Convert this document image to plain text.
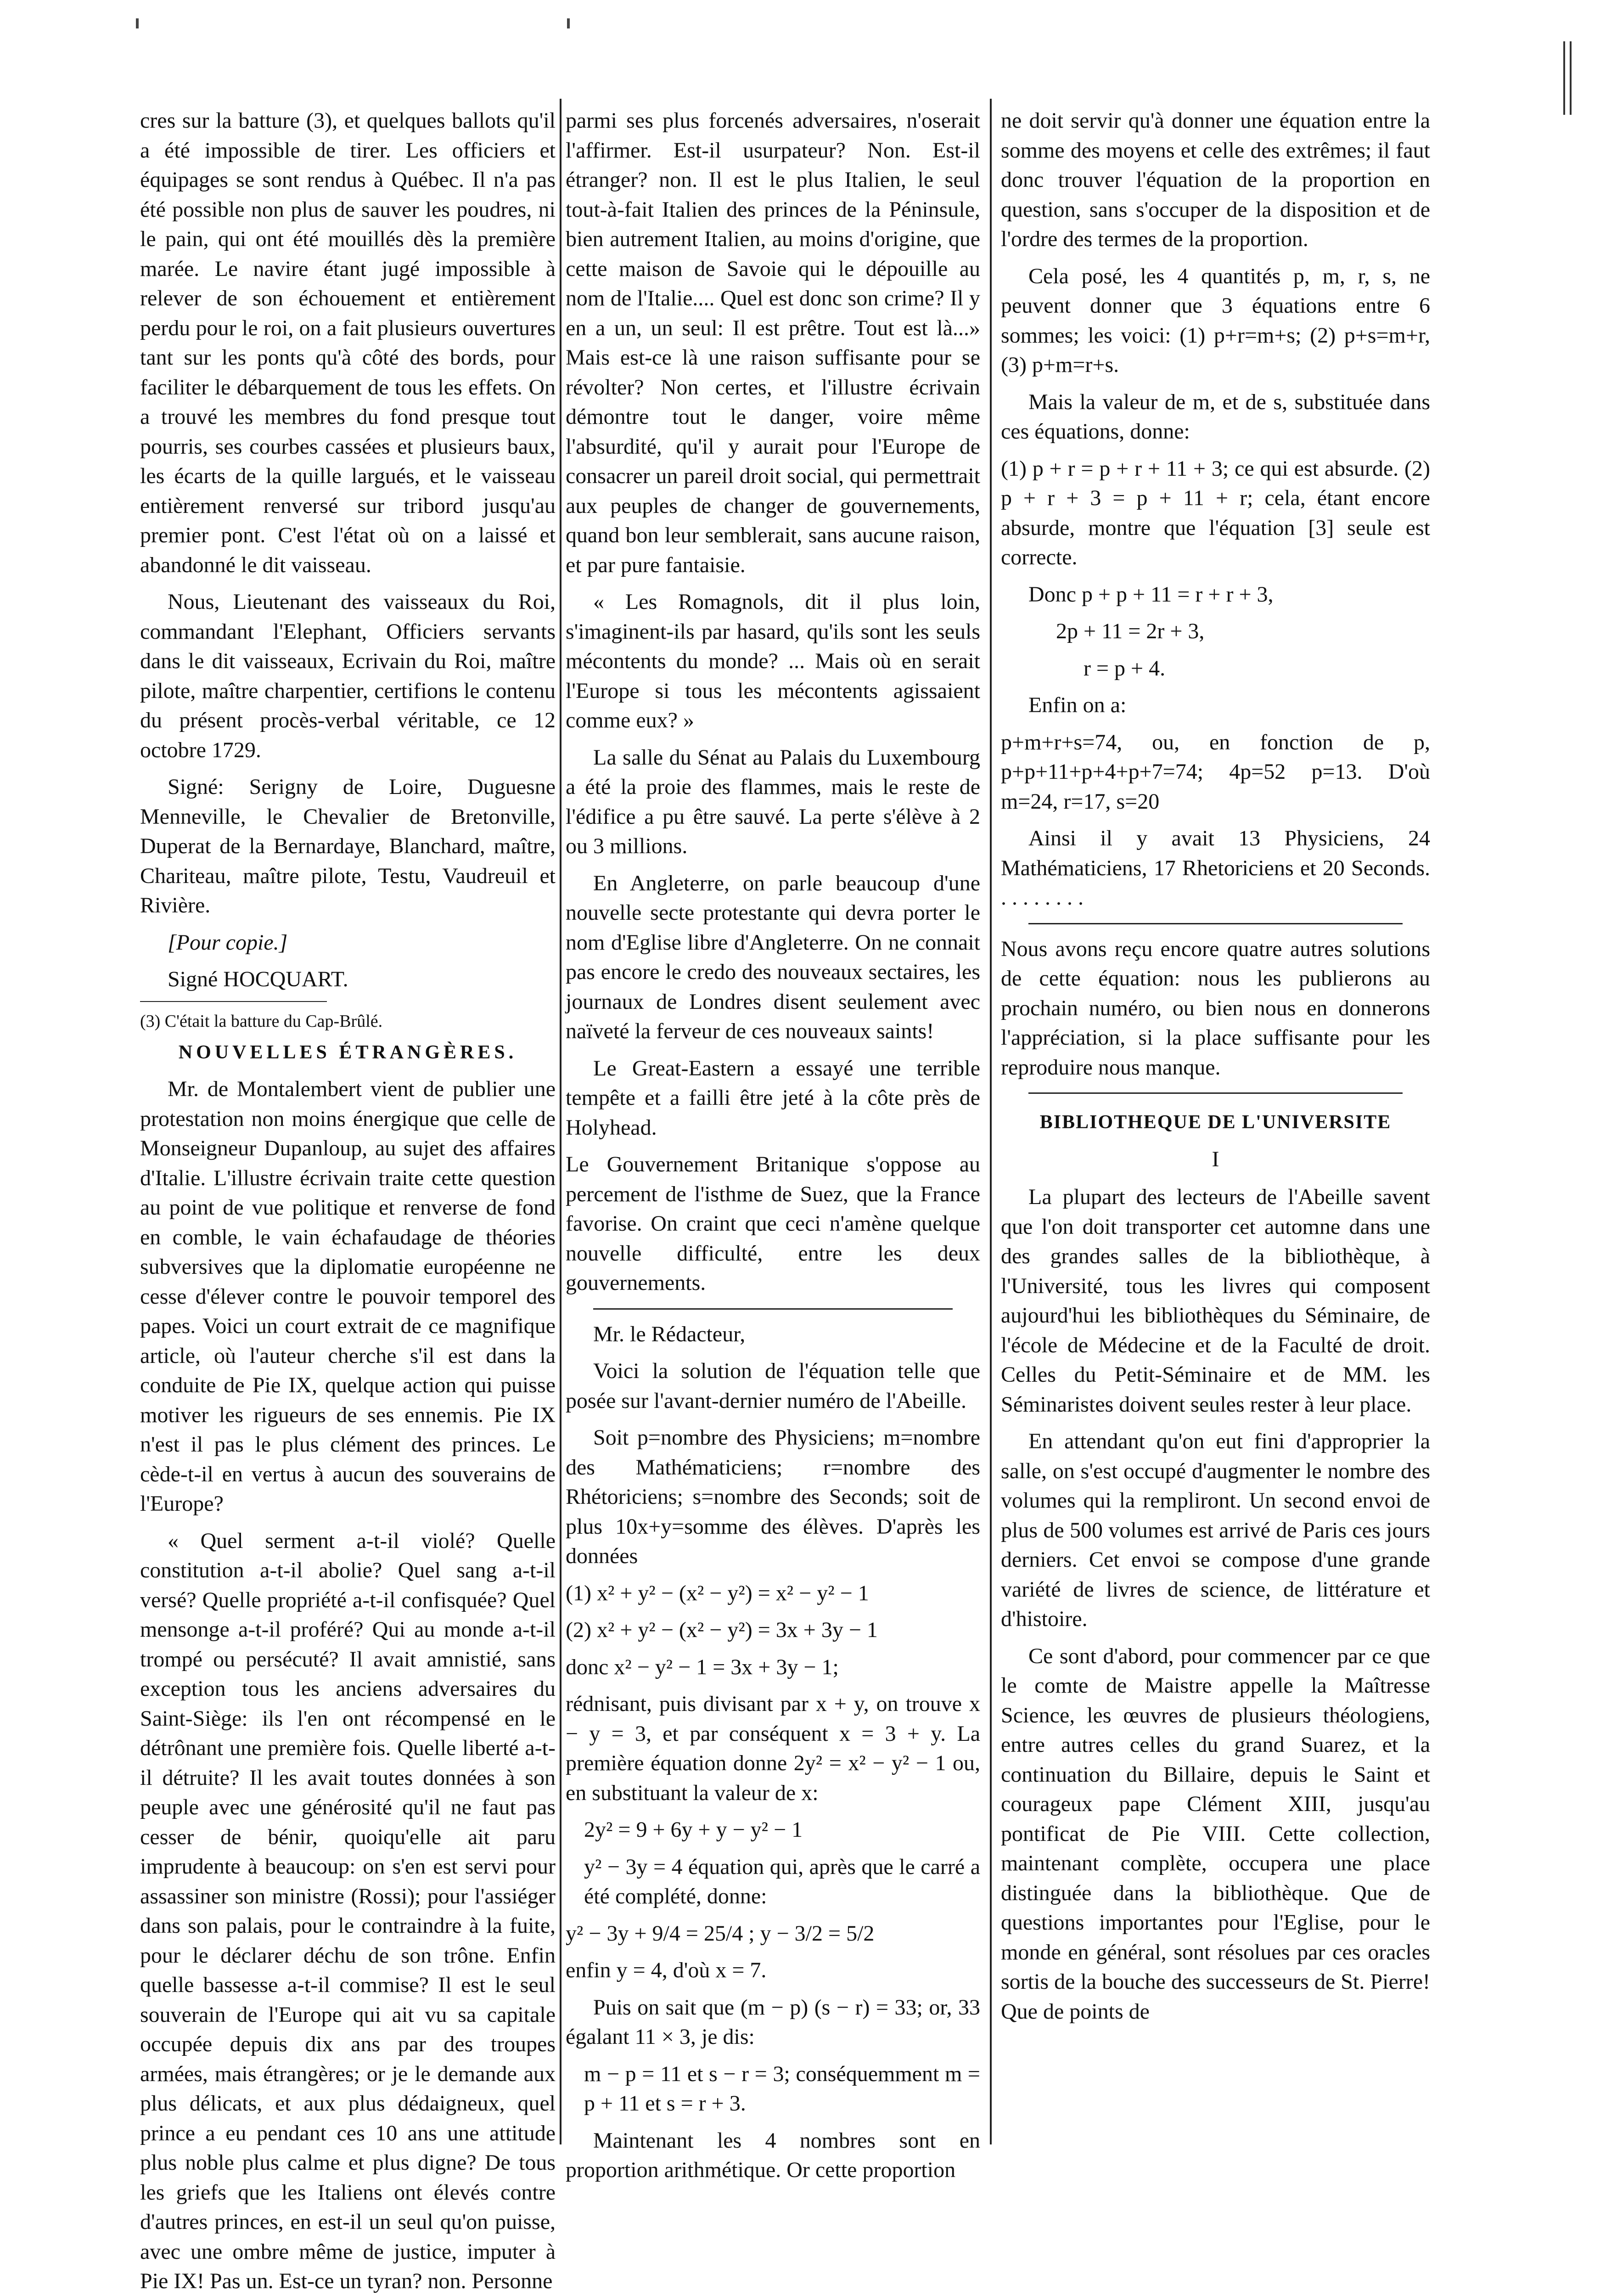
cres sur la batture (3), et quelques ballots qu'il a été impossible de tirer. Les officiers et équipages se sont rendus à Québec. Il n'a pas été possible non plus de sauver les poudres, ni le pain, qui ont été mouillés dès la première marée. Le navire étant jugé impossible à relever de son échouement et entièrement perdu pour le roi, on a fait plusieurs ouvertures tant sur les ponts qu'à côté des bords, pour faciliter le débarquement de tous les effets. On a trouvé les membres du fond presque tout pourris, ses courbes cassées et plusieurs baux, les écarts de la quille largués, et le vaisseau entièrement renversé sur tribord jusqu'au premier pont. C'est l'état où on a laissé et abandonné le dit vaisseau.

Nous, Lieutenant des vaisseaux du Roi, commandant l'Elephant, Officiers servants dans le dit vaisseaux, Ecrivain du Roi, maître pilote, maître charpentier, certifions le contenu du présent procès-verbal véritable, ce 12 octobre 1729.

Signé: Serigny de Loire, Duguesne Menneville, le Chevalier de Bretonville, Duperat de la Bernardaye, Blanchard, maître, Chariteau, maître pilote, Testu, Vaudreuil et Rivière.

[Pour copie.]

Signé HOCQUART.

(3) C'était la batture du Cap-Brûlé.

NOUVELLES ÉTRANGÈRES.

Mr. de Montalembert vient de publier une protestation non moins énergique que celle de Monseigneur Dupanloup, au sujet des affaires d'Italie. L'illustre écrivain traite cette question au point de vue politique et renverse de fond en comble, le vain échafaudage de théories subversives que la diplomatie européenne ne cesse d'élever contre le pouvoir temporel des papes. Voici un court extrait de ce magnifique article, où l'auteur cherche s'il est dans la conduite de Pie IX, quelque action qui puisse motiver les rigueurs de ses ennemis. Pie IX n'est il pas le plus clément des princes. Le cède-t-il en vertus à aucun des souverains de l'Europe?

« Quel serment a-t-il violé? Quelle constitution a-t-il abolie? Quel sang a-t-il versé? Quelle propriété a-t-il confisquée? Quel mensonge a-t-il proféré? Qui au monde a-t-il trompé ou persécuté? Il avait amnistié, sans exception tous les anciens adversaires du Saint-Siège: ils l'en ont récompensé en le détrônant une première fois. Quelle liberté a-t-il détruite? Il les avait toutes données à son peuple avec une générosité qu'il ne faut pas cesser de bénir, quoiqu'elle ait paru imprudente à beaucoup: on s'en est servi pour assassiner son ministre (Rossi); pour l'assiéger dans son palais, pour le contraindre à la fuite, pour le déclarer déchu de son trône. Enfin quelle bassesse a-t-il commise? Il est le seul souverain de l'Europe qui ait vu sa capitale occupée depuis dix ans par des troupes armées, mais étrangères; or je le demande aux plus délicats, et aux plus dédaigneux, quel prince a eu pendant ces 10 ans une attitude plus noble plus calme et plus digne? De tous les griefs que les Italiens ont élevés contre d'autres princes, en est-il un seul qu'on puisse, avec une ombre même de justice, imputer à Pie IX! Pas un. Est-ce un tyran? non. Personne

parmi ses plus forcenés adversaires, n'oserait l'affirmer. Est-il usurpateur? Non. Est-il étranger? non. Il est le plus Italien, le seul tout-à-fait Italien des princes de la Péninsule, bien autrement Italien, au moins d'origine, que cette maison de Savoie qui le dépouille au nom de l'Italie.... Quel est donc son crime? Il y en a un, un seul: Il est prêtre. Tout est là...» Mais est-ce là une raison suffisante pour se révolter? Non certes, et l'illustre écrivain démontre tout le danger, voire même l'absurdité, qu'il y aurait pour l'Europe de consacrer un pareil droit social, qui permettrait aux peuples de changer de gouvernements, quand bon leur semblerait, sans aucune raison, et par pure fantaisie.

« Les Romagnols, dit il plus loin, s'imaginent-ils par hasard, qu'ils sont les seuls mécontents du monde? ... Mais où en serait l'Europe si tous les mécontents agissaient comme eux? »

La salle du Sénat au Palais du Luxembourg a été la proie des flammes, mais le reste de l'édifice a pu être sauvé. La perte s'élève à 2 ou 3 millions.

En Angleterre, on parle beaucoup d'une nouvelle secte protestante qui devra porter le nom d'Eglise libre d'Angleterre. On ne connait pas encore le credo des nouveaux sectaires, les journaux de Londres disent seulement avec naïveté la ferveur de ces nouveaux saints!

Le Great-Eastern a essayé une terrible tempête et a failli être jeté à la côte près de Holyhead.

Le Gouvernement Britanique s'oppose au percement de l'isthme de Suez, que la France favorise. On craint que ceci n'amène quelque nouvelle difficulté, entre les deux gouvernements.

Mr. le Rédacteur,

Voici la solution de l'équation telle que posée sur l'avant-dernier numéro de l'Abeille.

Soit p=nombre des Physiciens; m=nombre des Mathématiciens; r=nombre des Rhétoriciens; s=nombre des Seconds; soit de plus 10x+y=somme des élèves. D'après les données

(1) x² + y² − (x² − y²) = x² − y² − 1

(2) x² + y² − (x² − y²) = 3x + 3y − 1

donc x² − y² − 1 = 3x + 3y − 1;

rédnisant, puis divisant par x + y, on trouve x − y = 3, et par conséquent x = 3 + y. La première équation donne 2y² = x² − y² − 1 ou, en substituant la valeur de x:

2y² = 9 + 6y + y − y² − 1

y² − 3y = 4 équation qui, après que le carré a été complété, donne:

y² − 3y + 9/4 = 25/4 ; y − 3/2 = 5/2

enfin y = 4, d'où x = 7.

Puis on sait que (m − p) (s − r) = 33; or, 33 égalant 11 × 3, je dis:

m − p = 11 et s − r = 3; conséquemment m = p + 11 et s = r + 3.

Maintenant les 4 nombres sont en proportion arithmétique. Or cette proportion

ne doit servir qu'à donner une équation entre la somme des moyens et celle des extrêmes; il faut donc trouver l'équation de la proportion en question, sans s'occuper de la disposition et de l'ordre des termes de la proportion.

Cela posé, les 4 quantités p, m, r, s, ne peuvent donner que 3 équations entre 6 sommes; les voici: (1) p+r=m+s; (2) p+s=m+r, (3) p+m=r+s.

Mais la valeur de m, et de s, substituée dans ces équations, donne:

(1) p + r = p + r + 11 + 3; ce qui est absurde. (2) p + r + 3 = p + 11 + r; cela, étant encore absurde, montre que l'équation [3] seule est correcte.

Donc p + p + 11 = r + r + 3,

2p + 11 = 2r + 3,

r = p + 4.

Enfin on a:

p+m+r+s=74, ou, en fonction de p, p+p+11+p+4+p+7=74; 4p=52 p=13. D'où m=24, r=17, s=20

Ainsi il y avait 13 Physiciens, 24 Mathématiciens, 17 Rhetoriciens et 20 Seconds. . . . . . . . .

Nous avons reçu encore quatre autres solutions de cette équation: nous les publierons au prochain numéro, ou bien nous en donnerons l'appréciation, si la place suffisante pour les reproduire nous manque.

BIBLIOTHEQUE DE L'UNIVERSITE

I

La plupart des lecteurs de l'Abeille savent que l'on doit transporter cet automne dans une des grandes salles de la bibliothèque, à l'Université, tous les livres qui composent aujourd'hui les bibliothèques du Séminaire, de l'école de Médecine et de la Faculté de droit. Celles du Petit-Séminaire et de MM. les Séminaristes doivent seules rester à leur place.

En attendant qu'on eut fini d'approprier la salle, on s'est occupé d'augmenter le nombre des volumes qui la rempliront. Un second envoi de plus de 500 volumes est arrivé de Paris ces jours derniers. Cet envoi se compose d'une grande variété de livres de science, de littérature et d'histoire.

Ce sont d'abord, pour commencer par ce que le comte de Maistre appelle la Maîtresse Science, les œuvres de plusieurs théologiens, entre autres celles du grand Suarez, et la continuation du Billaire, depuis le Saint et courageux pape Clément XIII, jusqu'au pontificat de Pie VIII. Cette collection, maintenant complète, occupera une place distinguée dans la bibliothèque. Que de questions importantes pour l'Eglise, pour le monde en général, sont résolues par ces oracles sortis de la bouche des successeurs de St. Pierre! Que de points de
